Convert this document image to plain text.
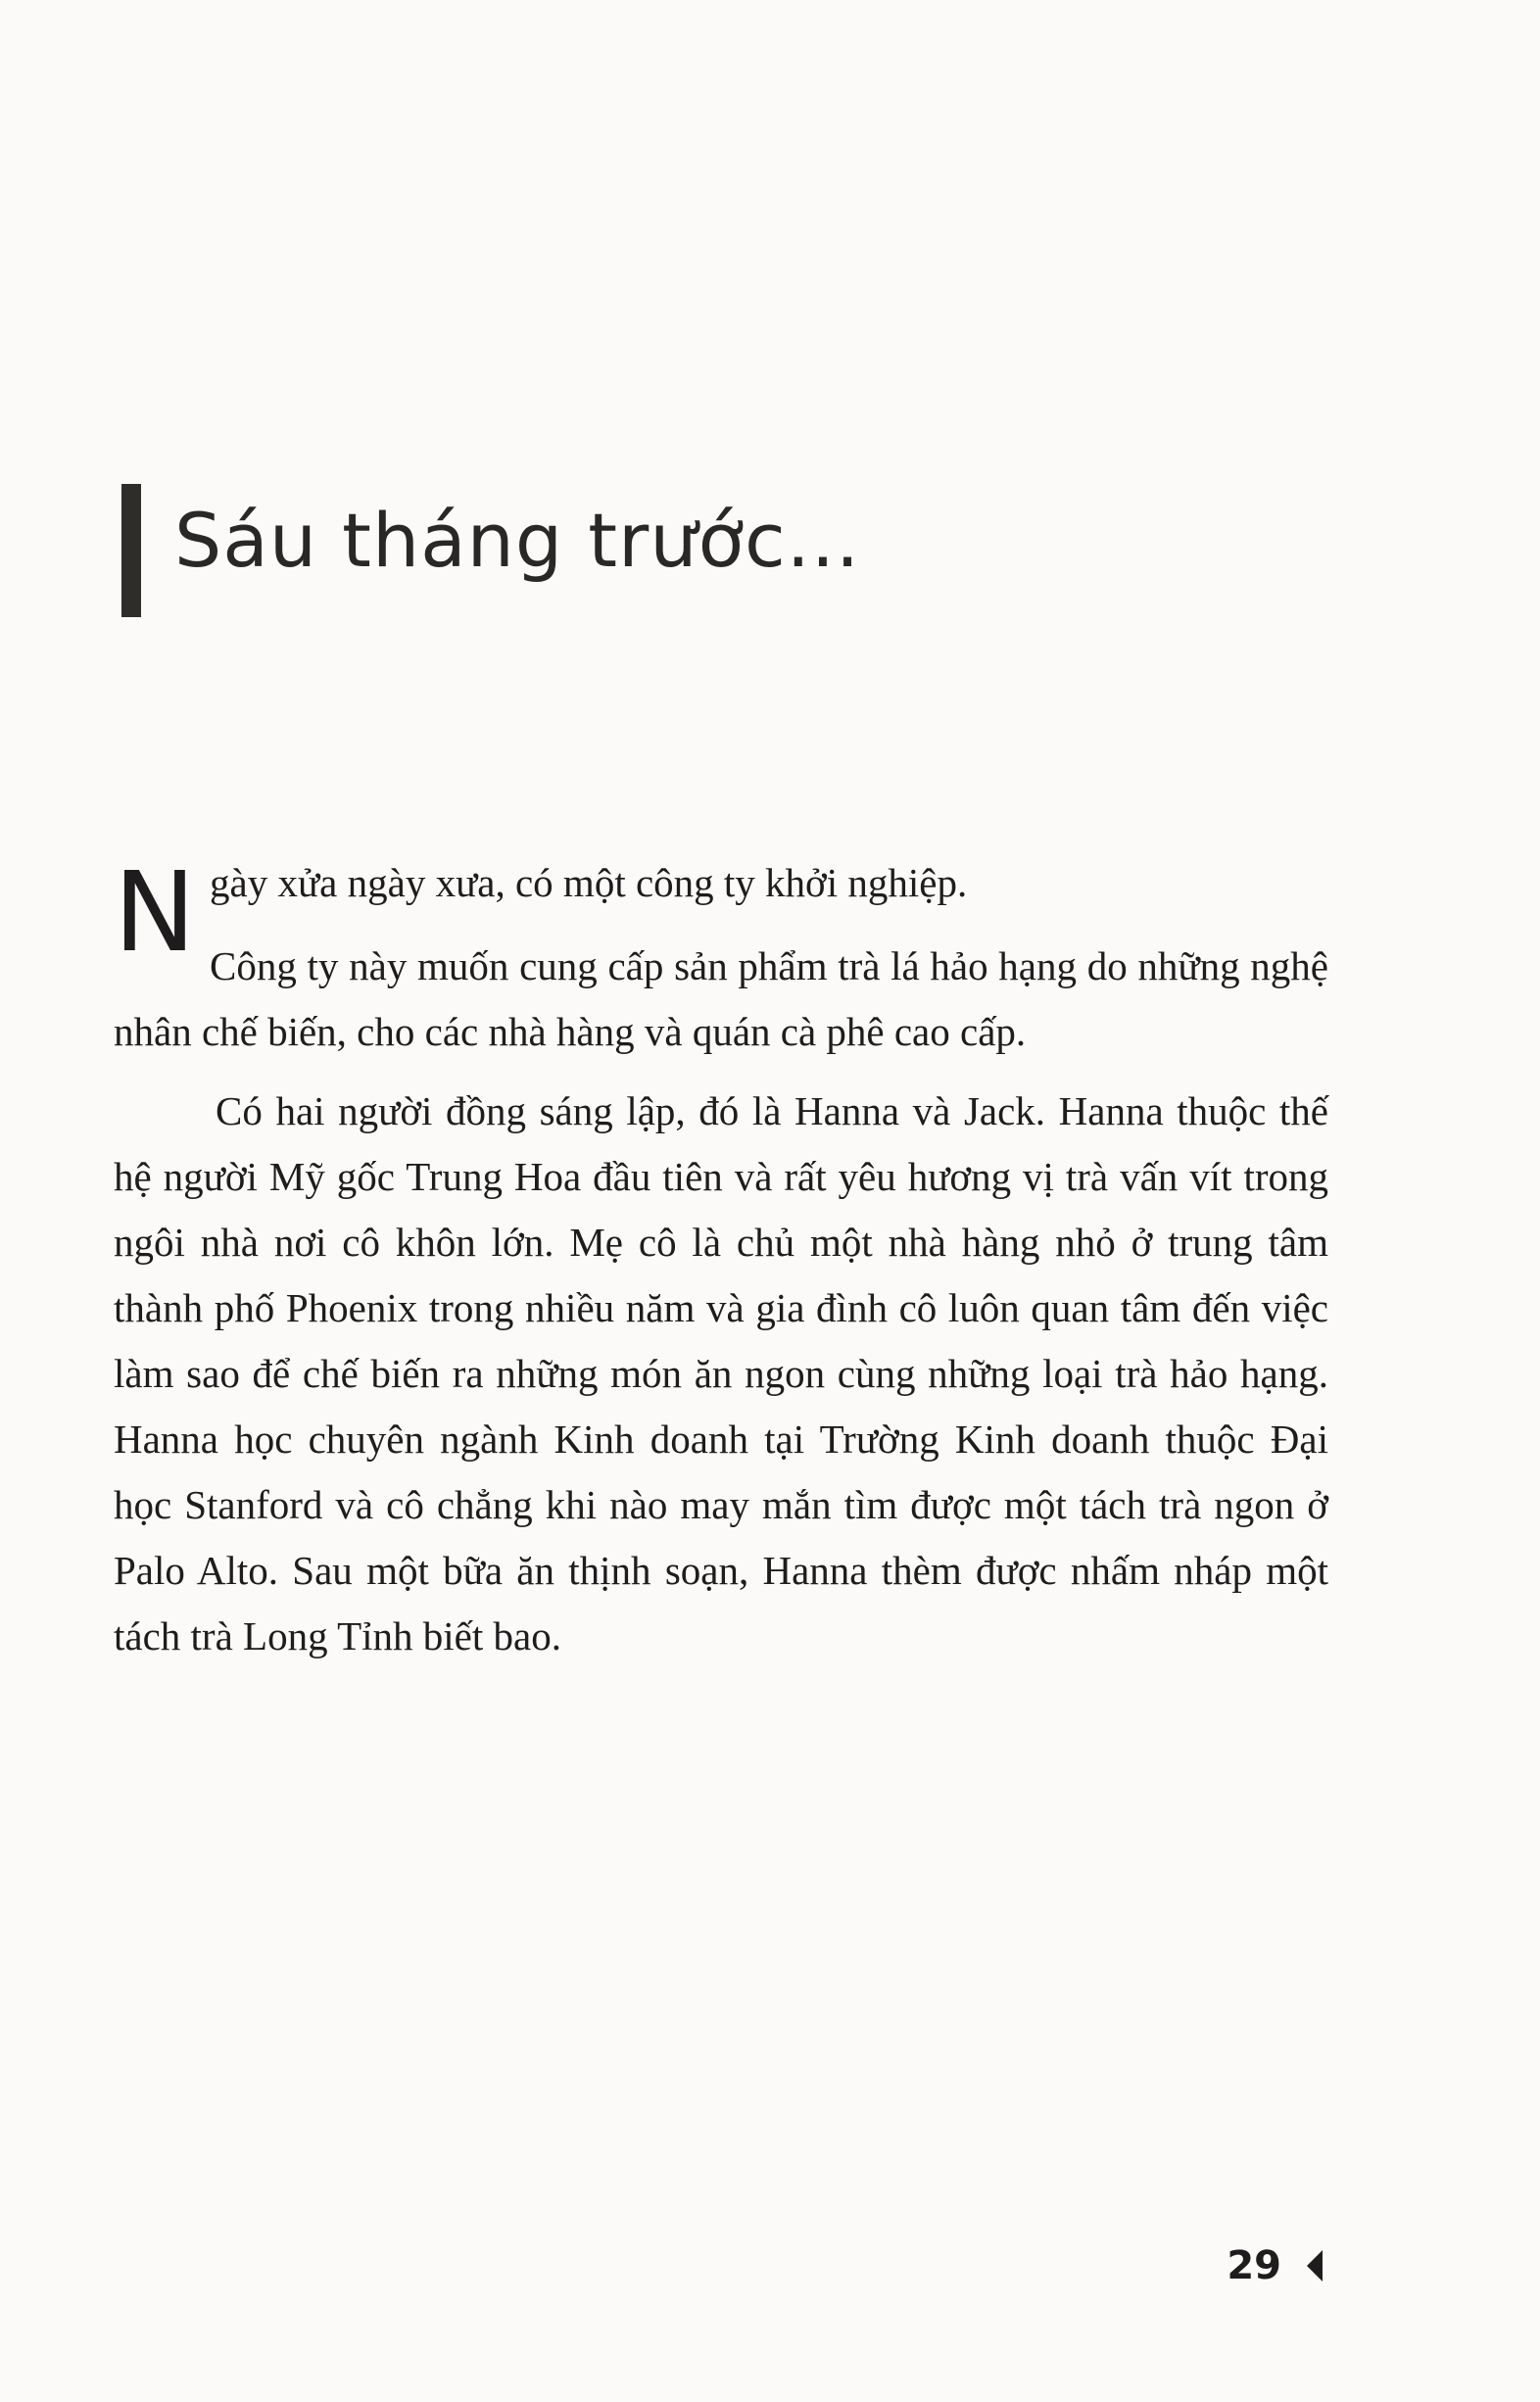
Sáu tháng trước...
N gày xửa ngày xưa, có một công ty khởi nghiệp.

Công ty này muốn cung cấp sản phẩm trà lá hảo hạng do những nghệ nhân chế biến, cho các nhà hàng và quán cà phê cao cấp.

Có hai người đồng sáng lập, đó là Hanna và Jack. Hanna thuộc thế hệ người Mỹ gốc Trung Hoa đầu tiên và rất yêu hương vị trà vấn vít trong ngôi nhà nơi cô khôn lớn. Mẹ cô là chủ một nhà hàng nhỏ ở trung tâm thành phố Phoenix trong nhiều năm và gia đình cô luôn quan tâm đến việc làm sao để chế biến ra những món ăn ngon cùng những loại trà hảo hạng. Hanna học chuyên ngành Kinh doanh tại Trường Kinh doanh thuộc Đại học Stanford và cô chẳng khi nào may mắn tìm được một tách trà ngon ở Palo Alto. Sau một bữa ăn thịnh soạn, Hanna thèm được nhấm nháp một tách trà Long Tỉnh biết bao.

29
